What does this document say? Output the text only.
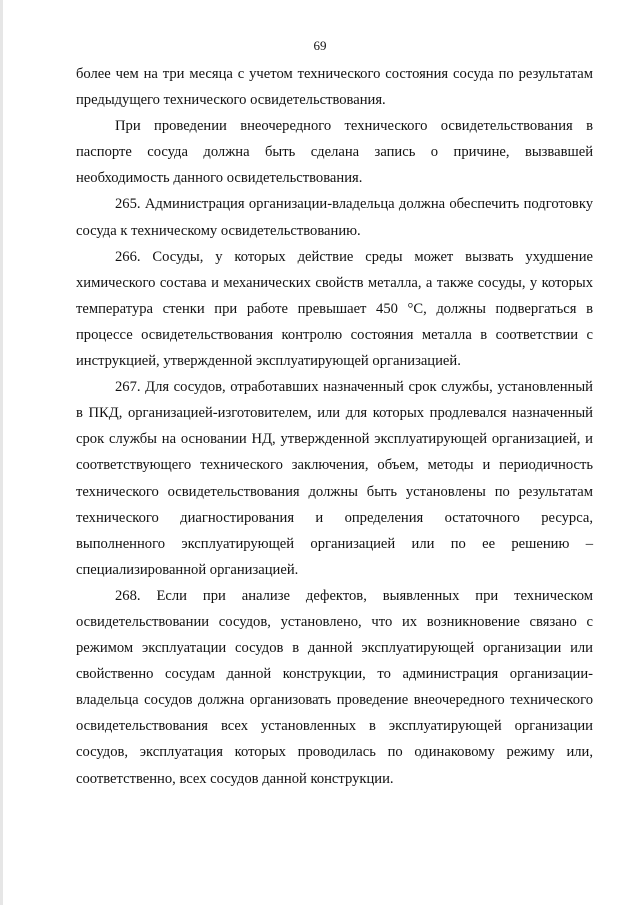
69

более чем на три месяца с учетом технического состояния сосуда по результатам предыдущего технического освидетельствования.

При проведении внеочередного технического освидетельствования в паспорте сосуда должна быть сделана запись о причине, вызвавшей необходимость данного освидетельствования.

265. Администрация организации-владельца должна обеспечить подготовку сосуда к техническому освидетельствованию.

266. Сосуды, у которых действие среды может вызвать ухудшение химического состава и механических свойств металла, а также сосуды, у которых температура стенки при работе превышает 450 °С, должны подвергаться в процессе освидетельствования контролю состояния металла в соответствии с инструкцией, утвержденной эксплуатирующей организацией.

267. Для сосудов, отработавших назначенный срок службы, установленный в ПКД, организацией-изготовителем, или для которых продлевался назначенный срок службы на основании НД, утвержденной эксплуатирующей организацией, и соответствующего технического заключения, объем, методы и периодичность технического освидетельствования должны быть установлены по результатам технического диагностирования и определения остаточного ресурса, выполненного эксплуатирующей организацией или по ее решению – специализированной организацией.

268. Если при анализе дефектов, выявленных при техническом освидетельствовании сосудов, установлено, что их возникновение связано с режимом эксплуатации сосудов в данной эксплуатирующей организации или свойственно сосудам данной конструкции, то администрация организации-владельца сосудов должна организовать проведение внеочередного технического освидетельствования всех установленных в эксплуатирующей организации сосудов, эксплуатация которых проводилась по одинаковому режиму или, соответственно, всех сосудов данной конструкции.
